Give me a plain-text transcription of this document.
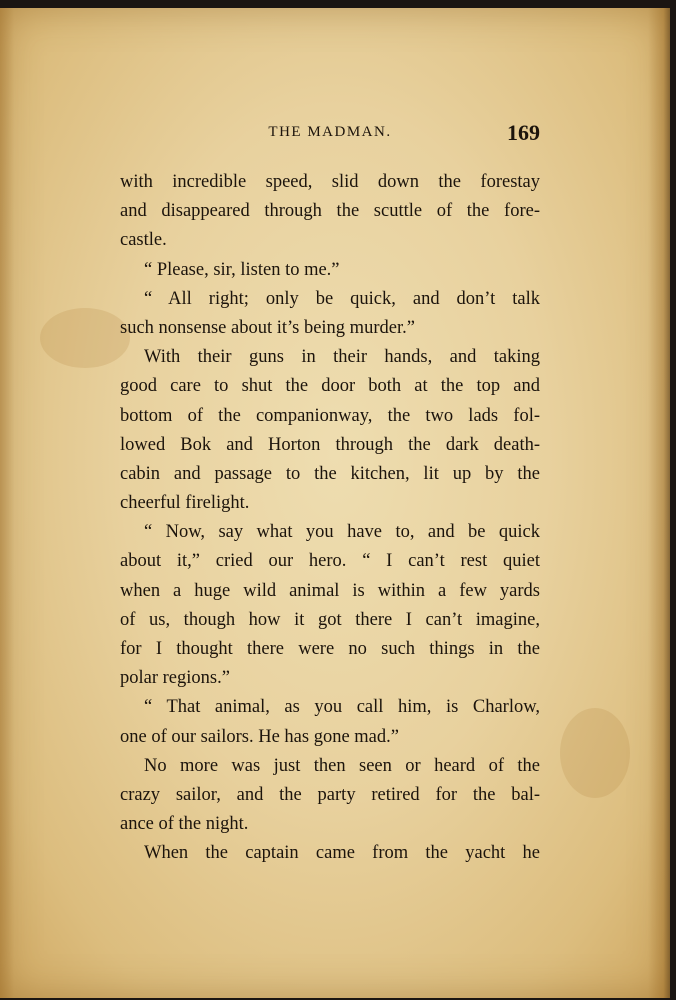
THE MADMAN.	169
with incredible speed, slid down the forestay
and disappeared through the scuttle of the fore-
castle.
“ Please, sir, listen to me.”
“ All right; only be quick, and don’t talk
such nonsense about it’s being murder.”
With their guns in their hands, and taking
good care to shut the door both at the top and
bottom of the companionway, the two lads fol-
lowed Bok and Horton through the dark death-
cabin and passage to the kitchen, lit up by the
cheerful firelight.
“ Now, say what you have to, and be quick
about it,” cried our hero. “ I can’t rest quiet
when a huge wild animal is within a few yards
of us, though how it got there I can’t imagine,
for I thought there were no such things in the
polar regions.”
“ That animal, as you call him, is Charlow,
one of our sailors. He has gone mad.”
No more was just then seen or heard of the
crazy sailor, and the party retired for the bal-
ance of the night.
When the captain came from the yacht he
